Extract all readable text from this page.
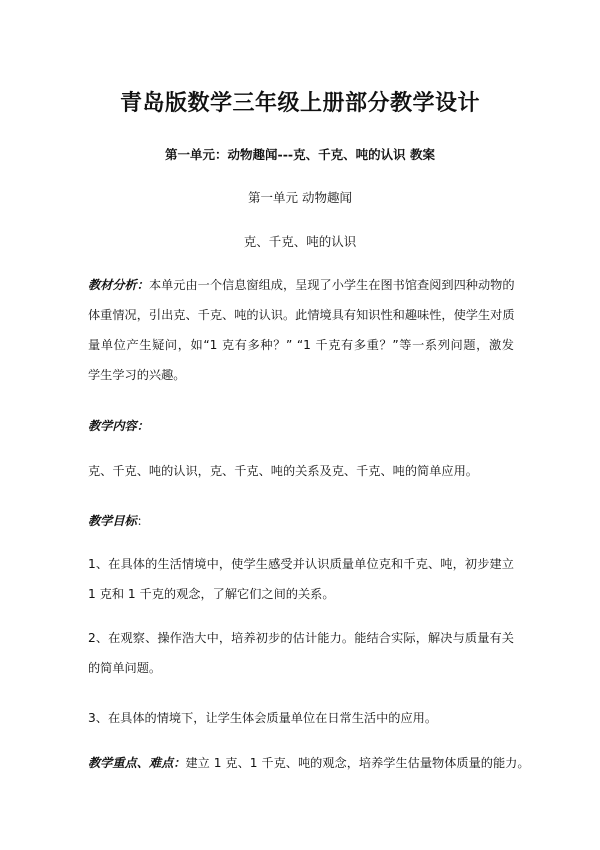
青岛版数学三年级上册部分教学设计
第一单元：动物趣闻---克、千克、吨的认识 教案
第一单元 动物趣闻
克、千克、吨的认识
教材分析：本单元由一个信息窗组成，呈现了小学生在图书馆查阅到四种动物的
体重情况，引出克、千克、吨的认识。此情境具有知识性和趣味性，使学生对质
量单位产生疑问，如“1 克有多种？” “1 千克有多重？”等一系列问题，激发
学生学习的兴趣。
教学内容：
克、千克、吨的认识，克、千克、吨的关系及克、千克、吨的简单应用。
教学目标：
1、在具体的生活情境中，使学生感受并认识质量单位克和千克、吨，初步建立
1 克和 1 千克的观念，了解它们之间的关系。
2、在观察、操作浩大中，培养初步的估计能力。能结合实际，解决与质量有关
的简单问题。
3、在具体的情境下，让学生体会质量单位在日常生活中的应用。
教学重点、难点：建立 1 克、1 千克、吨的观念，培养学生估量物体质量的能力。
